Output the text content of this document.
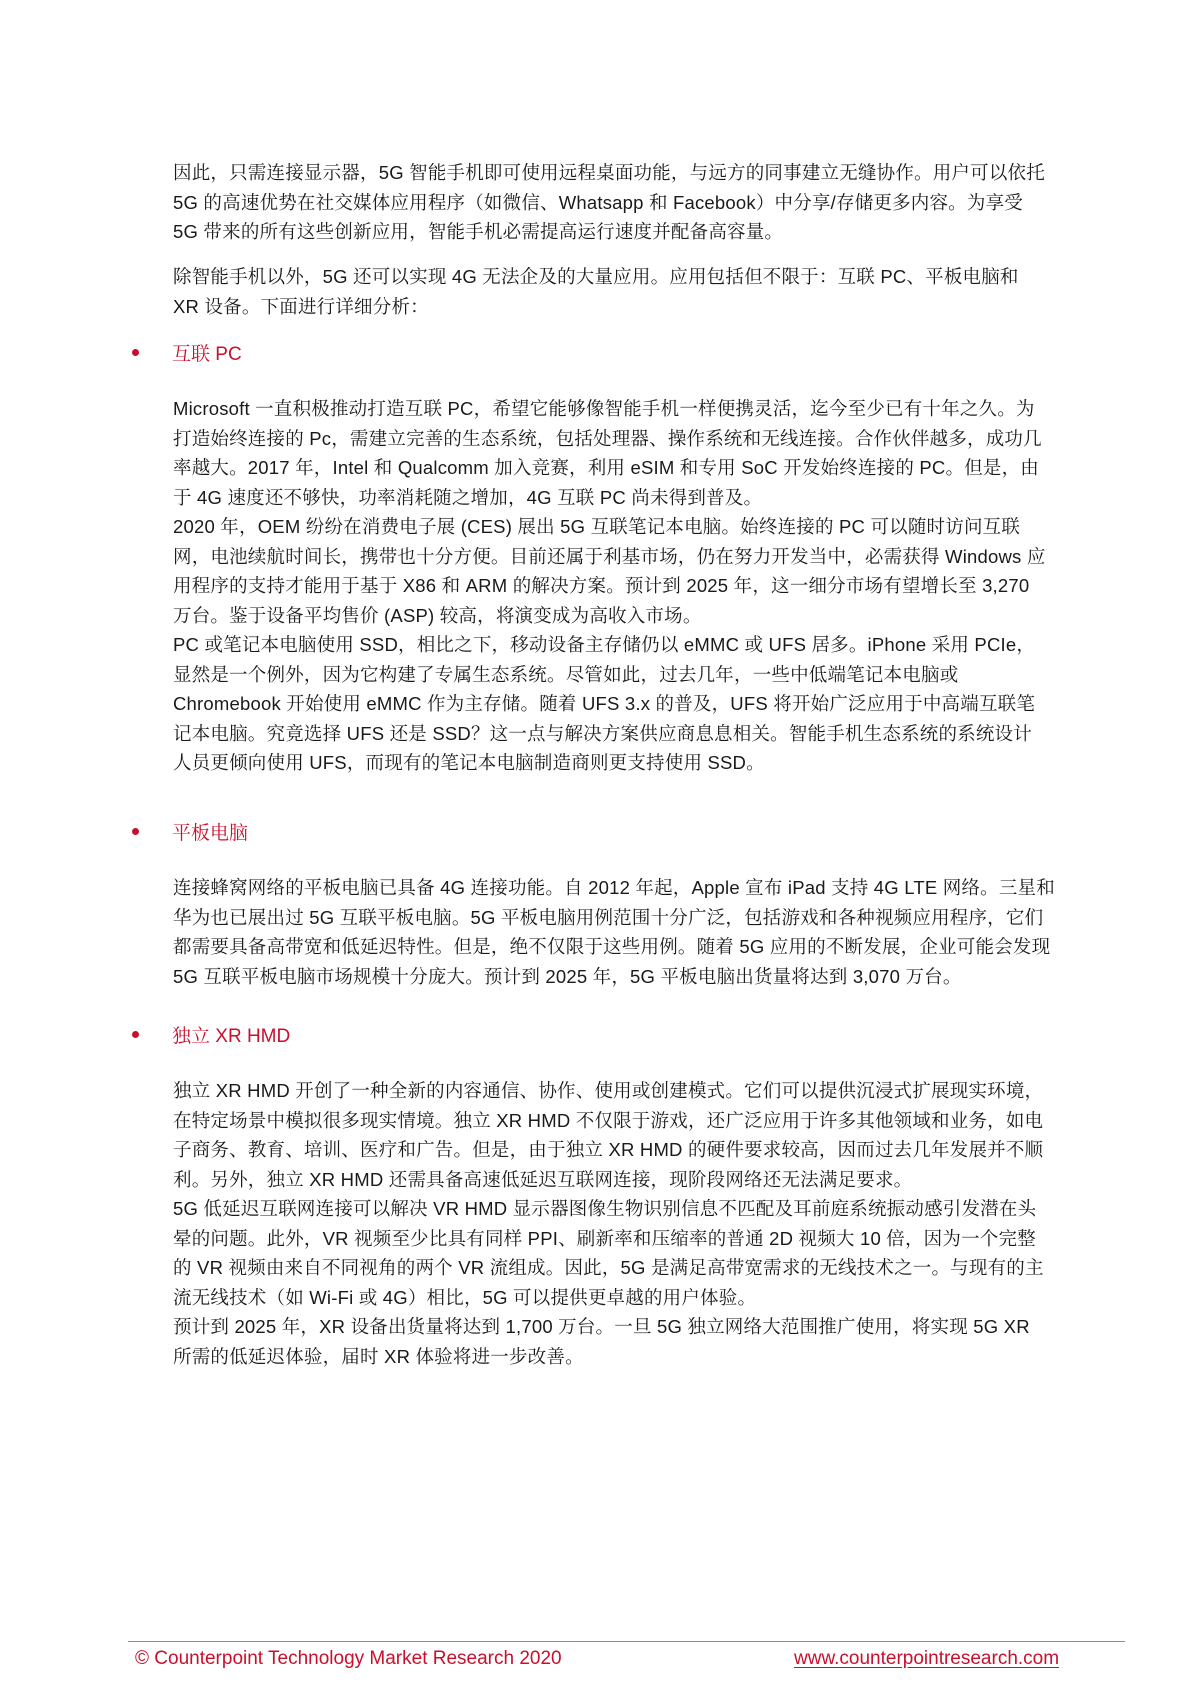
因此，只需连接显示器，5G 智能手机即可使用远程桌面功能，与远方的同事建立无缝协作。用户可以依托
5G 的高速优势在社交媒体应用程序（如微信、Whatsapp 和 Facebook）中分享/存储更多内容。为享受
5G 带来的所有这些创新应用，智能手机必需提高运行速度并配备高容量。

除智能手机以外，5G 还可以实现 4G 无法企及的大量应用。应用包括但不限于：互联 PC、平板电脑和
XR 设备。下面进行详细分析：

互联 PC

Microsoft 一直积极推动打造互联 PC，希望它能够像智能手机一样便携灵活，迄今至少已有十年之久。为
打造始终连接的 Pc，需建立完善的生态系统，包括处理器、操作系统和无线连接。合作伙伴越多，成功几
率越大。2017 年，Intel 和 Qualcomm 加入竞赛，利用 eSIM 和专用 SoC 开发始终连接的 PC。但是，由
于 4G 速度还不够快，功率消耗随之增加，4G 互联 PC 尚未得到普及。
2020 年，OEM 纷纷在消费电子展 (CES) 展出 5G 互联笔记本电脑。始终连接的 PC 可以随时访问互联
网，电池续航时间长，携带也十分方便。目前还属于利基市场，仍在努力开发当中，必需获得 Windows 应
用程序的支持才能用于基于 X86 和 ARM 的解决方案。预计到 2025 年，这一细分市场有望增长至 3,270
万台。鉴于设备平均售价 (ASP) 较高，将演变成为高收入市场。
PC 或笔记本电脑使用 SSD，相比之下，移动设备主存储仍以 eMMC 或 UFS 居多。iPhone 采用 PCIe，
显然是一个例外，因为它构建了专属生态系统。尽管如此，过去几年，一些中低端笔记本电脑或
Chromebook 开始使用 eMMC 作为主存储。随着 UFS 3.x 的普及，UFS 将开始广泛应用于中高端互联笔
记本电脑。究竟选择 UFS 还是 SSD？这一点与解决方案供应商息息相关。智能手机生态系统的系统设计
人员更倾向使用 UFS，而现有的笔记本电脑制造商则更支持使用 SSD。

平板电脑

连接蜂窝网络的平板电脑已具备 4G 连接功能。自 2012 年起，Apple 宣布 iPad 支持 4G LTE 网络。三星和
华为也已展出过 5G 互联平板电脑。5G 平板电脑用例范围十分广泛，包括游戏和各种视频应用程序，它们
都需要具备高带宽和低延迟特性。但是，绝不仅限于这些用例。随着 5G 应用的不断发展，企业可能会发现
5G 互联平板电脑市场规模十分庞大。预计到 2025 年，5G 平板电脑出货量将达到 3,070 万台。

独立 XR HMD

独立 XR HMD 开创了一种全新的内容通信、协作、使用或创建模式。它们可以提供沉浸式扩展现实环境，
在特定场景中模拟很多现实情境。独立 XR HMD 不仅限于游戏，还广泛应用于许多其他领域和业务，如电
子商务、教育、培训、医疗和广告。但是，由于独立 XR HMD 的硬件要求较高，因而过去几年发展并不顺
利。另外，独立 XR HMD 还需具备高速低延迟互联网连接，现阶段网络还无法满足要求。
5G 低延迟互联网连接可以解决 VR HMD 显示器图像生物识别信息不匹配及耳前庭系统振动感引发潜在头
晕的问题。此外，VR 视频至少比具有同样 PPI、刷新率和压缩率的普通 2D 视频大 10 倍，因为一个完整
的 VR 视频由来自不同视角的两个 VR 流组成。因此，5G 是满足高带宽需求的无线技术之一。与现有的主
流无线技术（如 Wi-Fi 或 4G）相比，5G 可以提供更卓越的用户体验。
预计到 2025 年，XR 设备出货量将达到 1,700 万台。一旦 5G 独立网络大范围推广使用，将实现 5G XR
所需的低延迟体验，届时 XR 体验将进一步改善。

© Counterpoint Technology Market Research 2020	www.counterpointresearch.com
